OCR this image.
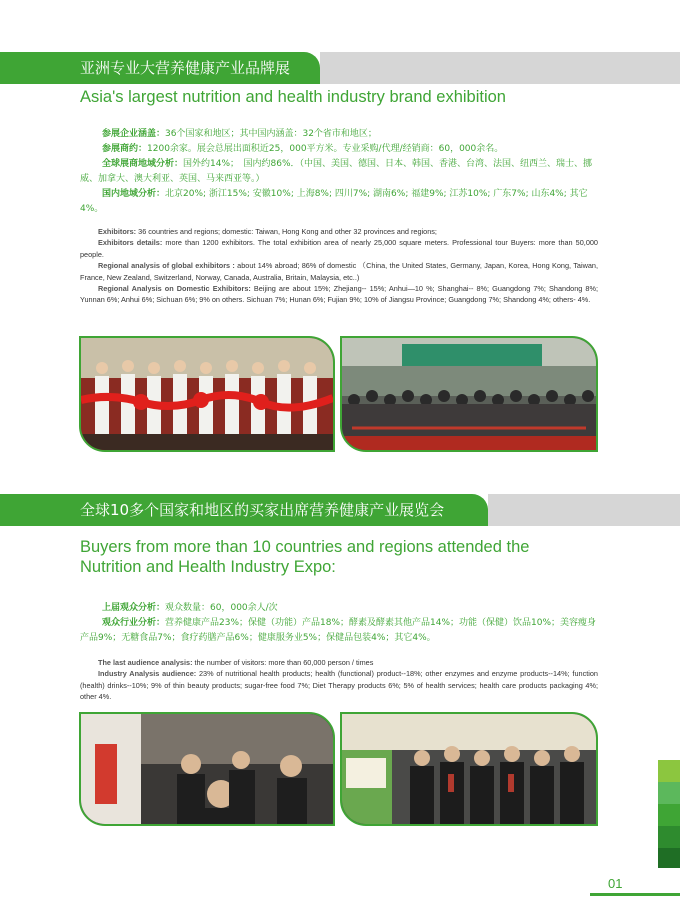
亚洲专业大营养健康产业品牌展
Asia's largest nutrition and health industry brand exhibition

参展企业涵盖：36个国家和地区；其中国内涵盖：32个省市和地区；

参展商约：1200余家。展会总展出面积近25，000平方米。专业采购/代理/经销商：60，000余名。

全球展商地域分析：国外约14%；　国内约86%．（中国、美国、德国、日本、韩国、香港、台湾、法国、纽西兰、瑞士、挪威、加拿大、澳大利亚、英国、马来西亚等。）

国内地域分析：北京20%; 浙江15%; 安徽10%; 上海8%; 四川7%; 湖南6%; 福建9%; 江苏10%; 广东7%; 山东4%; 其它4%。

Exhibitors: 36 countries and regions; domestic: Taiwan, Hong Kong and other 32 provinces and regions;

Exhibitors details: more than 1200 exhibitors. The total exhibition area of nearly 25,000 square meters. Professional tour Buyers: more than 50,000 people.

Regional analysis of global exhibitors : about 14% abroad; 86% of domestic （China, the United States, Germany, Japan, Korea, Hong Kong, Taiwan, France, New Zealand, Switzerland, Norway, Canada, Australia, Britain, Malaysia, etc..)

Regional Analysis on Domestic Exhibitors: Beijing are about 15%; Zhejiang-- 15%; Anhui—10 %; Shanghai-- 8%; Guangdong 7%; Shandong 8%; Yunnan 6%; Anhui 6%; Sichuan 6%; 9% on others. Sichuan 7%; Hunan 6%; Fujian 9%; 10% of Jiangsu Province; Guangdong 7%; Shandong 4%; others- 4%.

全球10多个国家和地区的买家出席营养健康产业展览会
Buyers from more than 10 countries and regions attended the
Nutrition and Health Industry Expo:

上届观众分析：观众数量：60，000余人/次

观众行业分析：营养健康产品23%；保健（功能）产品18%；酵素及酵素其他产品14%；功能（保健）饮品10%；美容瘦身产品9%；无糖食品7%；食疗药膳产品6%；健康服务业5%；保健品包装4%；其它4%。

The last audience analysis: the number of visitors: more than 60,000 person / times

Industry Analysis audience: 23% of nutritional health products; health (functional) product--18%; other enzymes and enzyme products--14%; function (health) drinks--10%; 9% of thin beauty products; sugar-free food 7%; Diet Therapy products 6%; 5% of health services; health care products packaging 4%; other 4%.

01
